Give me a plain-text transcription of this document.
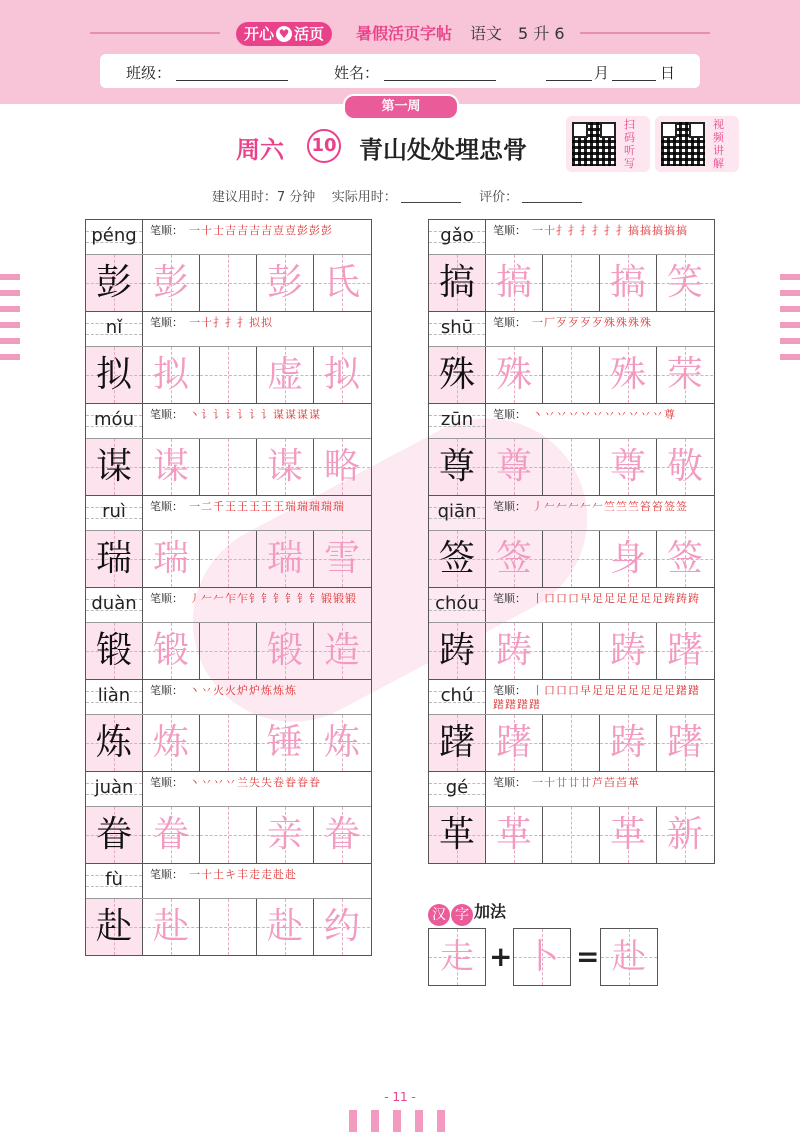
开心 ♥ 活页	暑假活页字帖 语文 5 升 6
班级：	姓名：	月	日
第一周
周六 10 青山处处埋忠骨
扫码听写
视频讲解
建议用时：7 分钟 实际用时：	评价：
péng	笔顺： 一十士吉吉吉吉壴壴彭彭彭
彭 彭 彭 氏
nǐ	笔顺： 一十扌扌扌拟拟
拟 拟 虚 拟
móu	笔顺： 丶讠讠讠讠讠讠谋谋谋谋
谋 谋 谋 略
ruì	笔顺： 一二千王王王王王瑞瑞瑞瑞瑞
瑞 瑞 瑞 雪
duàn	笔顺： 丿𠂉𠂉乍乍钅钅钅钅钅钅锻锻锻
锻 锻 锻 造
liàn	笔顺： 丶丷火火炉炉炼炼炼
炼 炼 锤 炼
juàn	笔顺： 丶丷丷丷兰失失卷眷眷眷
眷 眷 亲 眷
fù	笔顺： 一十土キ丰走走赴赴
赴 赴 赴 约
gǎo	笔顺： 一十扌扌扌扌扌扌搞搞搞搞搞
搞 搞 搞 笑
shū	笔顺： 一厂歹歹歹歹殊殊殊殊
殊 殊 殊 荣
zūn	笔顺： 丶丷丷丷丷丷丷丷丷丷丷尊
尊 尊 尊 敬
qiān	笔顺： 丿𠂉𠂉𠂉𠂉𠂉竺竺竺笞笞签签
签 签 身 签
chóu	笔顺： 丨口口口早足足足足足足踌踌踌
踌 踌 踌 躇
chú	笔顺： 丨口口口早足足足足足足足躇躇躇躇躇躇
躇 躇 踌 躇
gé	笔顺： 一十廿廿廿芦苩苩革
革 革 革 新
汉 字 加法
走 + 卜 = 赴
- 11 -
